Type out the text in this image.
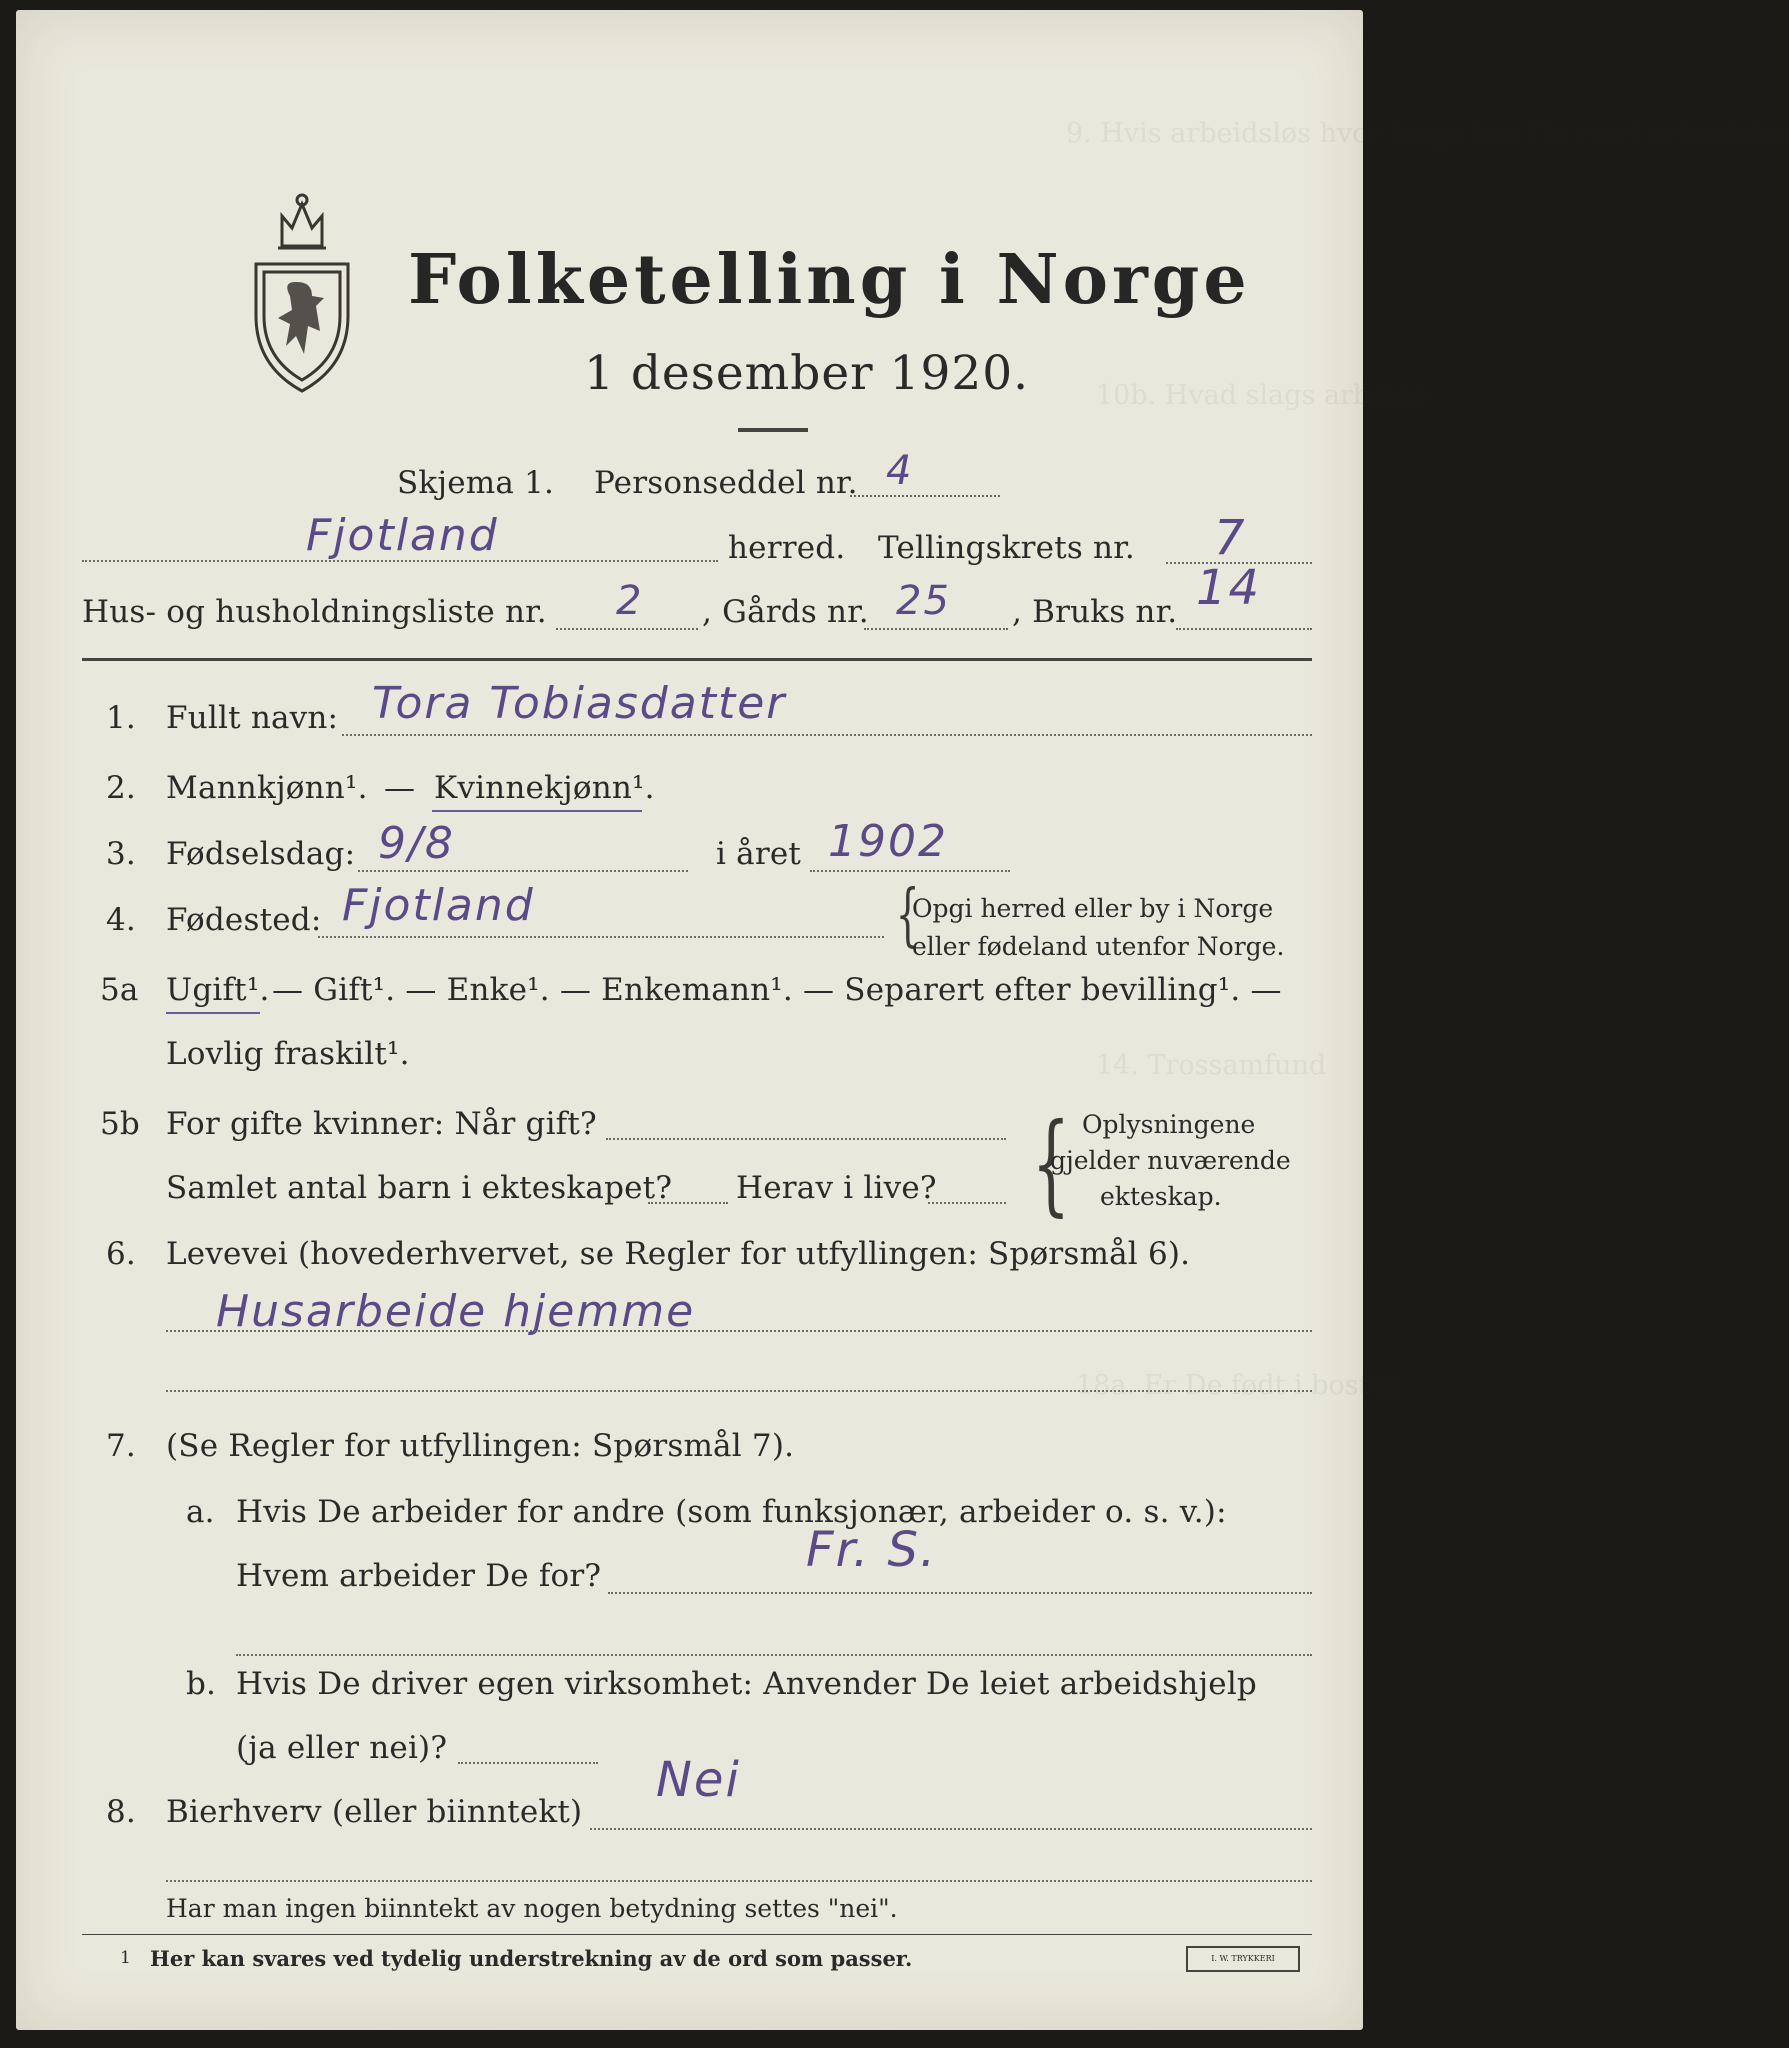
9. Hvis arbeidsløs hvor lenge har De vært arbeidsløs
10b. Hvad slags arbeide
14. Trossamfund
18a. Er De født i bosted
Folketelling i Norge
1 desember 1920.
Skjema 1. Personseddel nr. 4
Fjotland	herred. Tellingskrets nr. 7
Hus- og husholdningsliste nr. 2 , Gårds nr. 25 , Bruks nr. 14
1. Fullt navn: Tora Tobiasdatter
2. Mannkjønn¹. — Kvinnekjønn¹.
3. Fødselsdag: 9/8	i året 1902
4. Fødested: Fjotland	{
Opgi herred eller by i Norge
eller fødeland utenfor Norge.
5a Ugift¹. — Gift¹. — Enke¹. — Enkemann¹. — Separert efter bevilling¹. —
Lovlig fraskilt¹.
5b For gifte kvinner: Når gift?
Samlet antal barn i ekteskapet? Herav i live? { Oplysningene
gjelder nuværende
ekteskap.
6. Levevei (hovederhvervet, se Regler for utfyllingen: Spørsmål 6).
Husarbeide hjemme
7. (Se Regler for utfyllingen: Spørsmål 7).
a. Hvis De arbeider for andre (som funksjonær, arbeider o. s. v.):
Hvem arbeider De for?	Fr. S.
b. Hvis De driver egen virksomhet: Anvender De leiet arbeidshjelp
(ja eller nei)?
8. Bierhverv (eller biinntekt)
Nei
Har man ingen biinntekt av nogen betydning settes "nei".
1 Her kan svares ved tydelig understrekning av de ord som passer.	I. W. TRYKKERI
